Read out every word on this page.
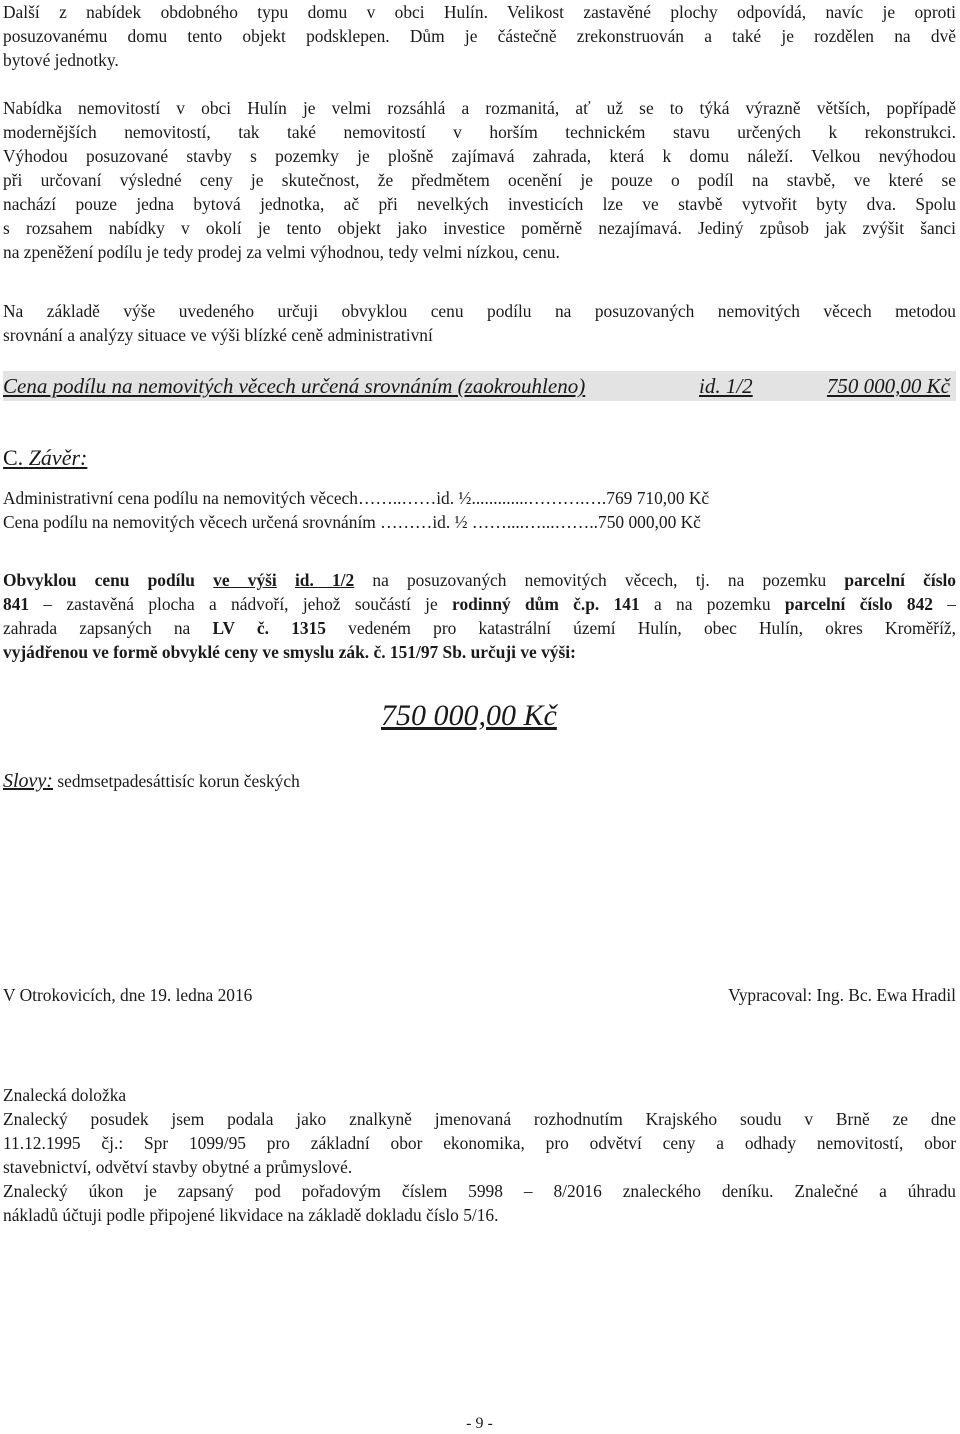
Další z nabídek obdobného typu domu v obci Hulín. Velikost zastavěné plochy odpovídá, navíc je oproti

posuzovanému domu tento objekt podsklepen. Dům je částečně zrekonstruován a také je rozdělen na dvě

bytové jednotky.

Nabídka nemovitostí v obci Hulín je velmi rozsáhlá a rozmanitá, ať už se to týká výrazně větších, popřípadě

modernějších nemovitostí, tak také nemovitostí v horším technickém stavu určených k rekonstrukci.

Výhodou posuzované stavby s pozemky je plošně zajímavá zahrada, která k domu náleží. Velkou nevýhodou

při určovaní výsledné ceny je skutečnost, že předmětem ocenění je pouze o podíl na stavbě, ve které se

nachází pouze jedna bytová jednotka, ač při nevelkých investicích lze ve stavbě vytvořit byty dva. Spolu

s rozsahem nabídky v okolí je tento objekt jako investice poměrně nezajímavá. Jediný způsob jak zvýšit šanci

na zpeněžení podílu je tedy prodej za velmi výhodnou, tedy velmi nízkou, cenu.

Na základě výše uvedeného určuji obvyklou cenu podílu na posuzovaných nemovitých věcech metodou

srovnání a analýzy situace ve výši blízké ceně administrativní

Cena podílu na nemovitých věcech určená srovnáním (zaokrouhleno)	id. 1/2	750 000,00 Kč
C. Závěr:
Administrativní cena podílu na nemovitých věcech……..……id. ½.............……….….769 710,00 Kč
Cena podílu na nemovitých věcech určená srovnáním ………id. ½ ……....…...……..750 000,00 Kč

Obvyklou cenu podílu ve výši id. 1/2 na posuzovaných nemovitých věcech, tj. na pozemku parcelní číslo

841 – zastavěná plocha a nádvoří, jehož součástí je rodinný dům č.p. 141 a na pozemku parcelní číslo 842 –

zahrada zapsaných na LV č. 1315 vedeném pro katastrální území Hulín, obec Hulín, okres Kroměříž,

vyjádřenou ve formě obvyklé ceny ve smyslu zák. č. 151/97 Sb. určuji ve výši:

750 000,00 Kč
Slovy: sedmsetpadesáttisíc korun českých
V Otrokovicích, dne 19. ledna 2016	Vypracoval: Ing. Bc. Ewa Hradil

Znalecká doložka

Znalecký posudek jsem podala jako znalkyně jmenovaná rozhodnutím Krajského soudu v Brně ze dne

11.12.1995 čj.: Spr 1099/95 pro základní obor ekonomika, pro odvětví ceny a odhady nemovitostí, obor

stavebnictví, odvětví stavby obytné a průmyslové.

Znalecký úkon je zapsaný pod pořadovým číslem 5998 – 8/2016 znaleckého deníku. Znalečné a úhradu

nákladů účtuji podle připojené likvidace na základě dokladu číslo 5/16.

- 9 -
